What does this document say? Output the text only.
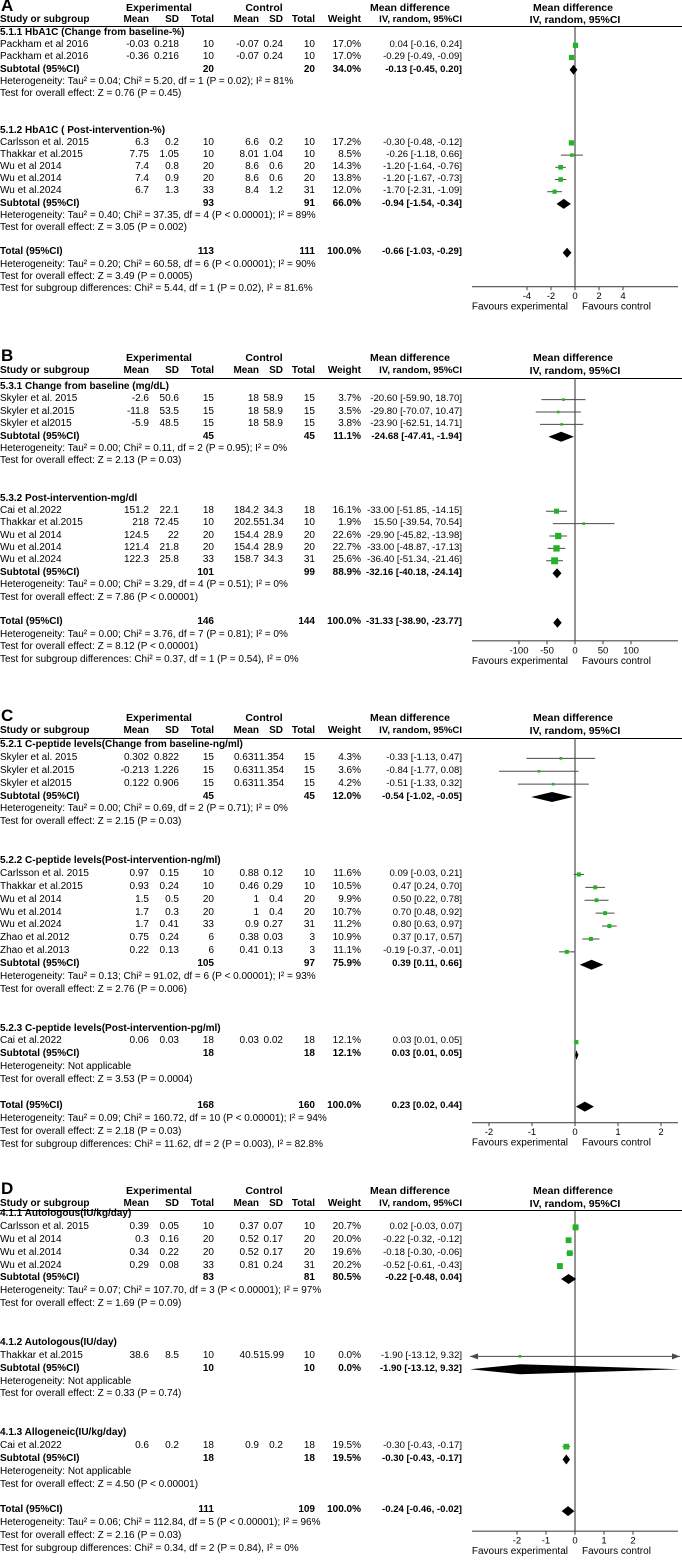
A	Experimental	Control	Mean difference	Mean difference
Study or subgroup	Mean	SD	Total	Mean	SD Total	Weight IV, random, 95%CI	IV, random, 95%CI
5.1.1 HbA1C (Change from baseline-%)
Packham et al 2016	-0.03 0.218	10	-0.07 0.24	10	17.0%	0.04 [-0.16, 0.24]
Packham et al.2016	-0.36 0.216	10	-0.07 0.24	10	17.0% -0.29 [-0.49, -0.09]
Subtotal (95%CI)	20	20	34.0%	-0.13 [-0.45, 0.20]
Heterogeneity: Tau² = 0.04; Chi² = 5.20, df = 1 (P = 0.02); I² = 81%
Test for overall effect: Z = 0.76 (P = 0.45)
5.1.2 HbA1C ( Post-intervention-%)
Carlsson et al. 2015	6.3	0.2	10	6.6	0.2	10	17.2% -0.30 [-0.48, -0.12]
Thakkar et al.2015	7.75	1.05	10	8.01 1.04	10	8.5%	-0.26 [-1.18, 0.66]
Wu et al 2014	7.4	0.8	20	8.6	0.6	20	14.3% -1.20 [-1.64, -0.76]
Wu et al.2014	7.4	0.9	20	8.6	0.6	20	13.8% -1.20 [-1.67, -0.73]
Wu et al.2024	6.7	1.3	33	8.4	1.2	31	12.0% -1.70 [-2.31, -1.09]
Subtotal (95%CI)	93	91	66.0% -0.94 [-1.54, -0.34]
Heterogeneity: Tau² = 0.40; Chi² = 37.35, df = 4 (P < 0.00001); I² = 89%
Test for overall effect: Z = 3.05 (P = 0.002)
Total (95%CI)	113	111	100.0% -0.66 [-1.03, -0.29]
Heterogeneity: Tau² = 0.20; Chi² = 60.58, df = 6 (P < 0.00001); I² = 90%
Test for overall effect: Z = 3.49 (P = 0.0005)
Test for subgroup differences: Chi² = 5.44, df = 1 (P = 0.02), I² = 81.6%
-4 -2 0 2 4
Favours experimental Favours control
B	Experimental	Control	Mean difference	Mean difference
Study or subgroup	Mean	SD	Total	Mean	SD Total	Weight IV, random, 95%CI	IV, random, 95%CI
5.3.1 Change from baseline (mg/dL)
Skyler et al. 2015	-2.6	50.6	15	18 58.9	15	3.7% -20.60 [-59.90, 18.70]
Skyler et al.2015	-11.8	53.5	15	18 58.9	15	3.5% -29.80 [-70.07, 10.47]
Skyler et al2015	-5.9	48.5	15	18 58.9	15	3.8% -23.90 [-62.51, 14.71]
Subtotal (95%CI)	45	45	11.1% -24.68 [-47.41, -1.94]
Heterogeneity: Tau² = 0.00; Chi² = 0.11, df = 2 (P = 0.95); I² = 0%
Test for overall effect: Z = 2.13 (P = 0.03)
5.3.2 Post-intervention-mg/dl
Cai et al.2022	151.2	22.1	18	184.2 34.3	18	16.1% -33.00 [-51.85, -14.15]
Thakkar et al.2015	218 72.45	10	202.5 51.34	10	1.9% 15.50 [-39.54, 70.54]
Wu et al 2014	124.5	22	20	154.4 28.9	20	22.6% -29.90 [-45.82, -13.98]
Wu et al.2014	121.4	21.8	20	154.4 28.9	20	22.7% -33.00 [-48.87, -17.13]
Wu et al.2024	122.3	25.8	33	158.7 34.3	31	25.6% -36.40 [-51.34, -21.46]
Subtotal (95%CI)	101	99	88.9% -32.16 [-40.18, -24.14]
Heterogeneity: Tau² = 0.00; Chi² = 3.29, df = 4 (P = 0.51); I² = 0%
Test for overall effect: Z = 7.86 (P < 0.00001)
Total (95%CI)	146	144	100.0% -31.33 [-38.90, -23.77]
Heterogeneity: Tau² = 0.00; Chi² = 3.76, df = 7 (P = 0.81); I² = 0%
Test for overall effect: Z = 8.12 (P < 0.00001)
Test for subgroup differences: Chi² = 0.37, df = 1 (P = 0.54), I² = 0%
-100 -50 0 50 100
Favours experimental Favours control
C	Experimental	Control	Mean difference	Mean difference
Study or subgroup	Mean	SD	Total	Mean	SD Total	Weight IV, random, 95%CI	IV, random, 95%CI
5.2.1 C-peptide levels(Change from baseline-ng/ml)
Skyler et al. 2015	0.302 0.822	15	0.631 1.354	15	4.3%	-0.33 [-1.13, 0.47]
Skyler et al.2015	-0.213 1.226	15	0.631 1.354	15	3.6%	-0.84 [-1.77, 0.08]
Skyler et al2015	0.122 0.906	15	0.631 1.354	15	4.2%	-0.51 [-1.33, 0.32]
Subtotal (95%CI)	45	45	12.0% -0.54 [-1.02, -0.05]
Heterogeneity: Tau² = 0.00; Chi² = 0.69, df = 2 (P = 0.71); I² = 0%
Test for overall effect: Z = 2.15 (P = 0.03)
5.2.2 C-peptide levels(Post-intervention-ng/ml)
Carlsson et al. 2015	0.97	0.15	10	0.88 0.12	10	11.6%	0.09 [-0.03, 0.21]
Thakkar et al.2015	0.93	0.24	10	0.46 0.29	10	10.5%	0.47 [0.24, 0.70]
Wu et al 2014	1.5	0.5	20	1	0.4	20	9.9%	0.50 [0.22, 0.78]
Wu et al.2014	1.7	0.3	20	1	0.4	20	10.7%	0.70 [0.48, 0.92]
Wu et al.2024	1.7	0.41	33	0.9 0.27	31	11.2%	0.80 [0.63, 0.97]
Zhao et al.2012	0.75	0.24	6	0.38 0.03	3	10.9%	0.37 [0.17, 0.57]
Zhao et al.2013	0.22	0.13	6	0.41 0.13	3	11.1% -0.19 [-0.37, -0.01]
Subtotal (95%CI)	105	97	75.9%	0.39 [0.11, 0.66]
Heterogeneity: Tau² = 0.13; Chi² = 91.02, df = 6 (P < 0.00001); I² = 93%
Test for overall effect: Z = 2.76 (P = 0.006)
5.2.3 C-peptide levels(Post-intervention-pg/ml)
Cai et al.2022	0.06	0.03	18	0.03 0.02	18	12.1%	0.03 [0.01, 0.05]
Subtotal (95%CI)	18	18	12.1%	0.03 [0.01, 0.05]
Heterogeneity: Not applicable
Test for overall effect: Z = 3.53 (P = 0.0004)
Total (95%CI)	168	160	100.0%	0.23 [0.02, 0.44]
Heterogeneity: Tau² = 0.09; Chi² = 160.72, df = 10 (P < 0.00001); I² = 94%
Test for overall effect: Z = 2.18 (P = 0.03)
Test for subgroup differences: Chi² = 11.62, df = 2 (P = 0.003), I² = 82.8%
-2	-1	0	1	2
Favours experimental Favours control
D	Experimental	Control	Mean difference	Mean difference
Study or subgroup	Mean	SD	Total	Mean	SD Total	Weight IV, random, 95%CI	IV, random, 95%CI
4.1.1 Autologous(IU/kg/day)
Carlsson et al. 2015	0.39	0.05	10	0.37 0.07	10	20.7%	0.02 [-0.03, 0.07]
Wu et al 2014	0.3	0.16	20	0.52 0.17	20	20.0% -0.22 [-0.32, -0.12]
Wu et al.2014	0.34	0.22	20	0.52 0.17	20	19.6% -0.18 [-0.30, -0.06]
Wu et al.2024	0.29	0.08	33	0.81 0.24	31	20.2% -0.52 [-0.61, -0.43]
Subtotal (95%CI)	83	81	80.5%	-0.22 [-0.48, 0.04]
Heterogeneity: Tau² = 0.07; Chi² = 107.70, df = 3 (P < 0.00001); I² = 97%
Test for overall effect: Z = 1.69 (P = 0.09)
4.1.2 Autologous(IU/day)
Thakkar et al.2015	38.6	8.5	10	40.5 15.99	10	0.0% -1.90 [-13.12, 9.32]
Subtotal (95%CI)	10	10	0.0% -1.90 [-13.12, 9.32]
Heterogeneity: Not applicable
Test for overall effect: Z = 0.33 (P = 0.74)
4.1.3 Allogeneic(IU/kg/day)
Cai et al.2022	0.6	0.2	18	0.9	0.2	18	19.5% -0.30 [-0.43, -0.17]
Subtotal (95%CI)	18	18	19.5% -0.30 [-0.43, -0.17]
Heterogeneity: Not applicable
Test for overall effect: Z = 4.50 (P < 0.00001)
Total (95%CI)	111	109	100.0% -0.24 [-0.46, -0.02]
Heterogeneity: Tau² = 0.06; Chi² = 112.84, df = 5 (P < 0.00001); I² = 96%
Test for overall effect: Z = 2.16 (P = 0.03)
Test for subgroup differences: Chi² = 0.34, df = 2 (P = 0.84), I² = 0%
-2 -1 0 1 2
Favours experimental Favours control
